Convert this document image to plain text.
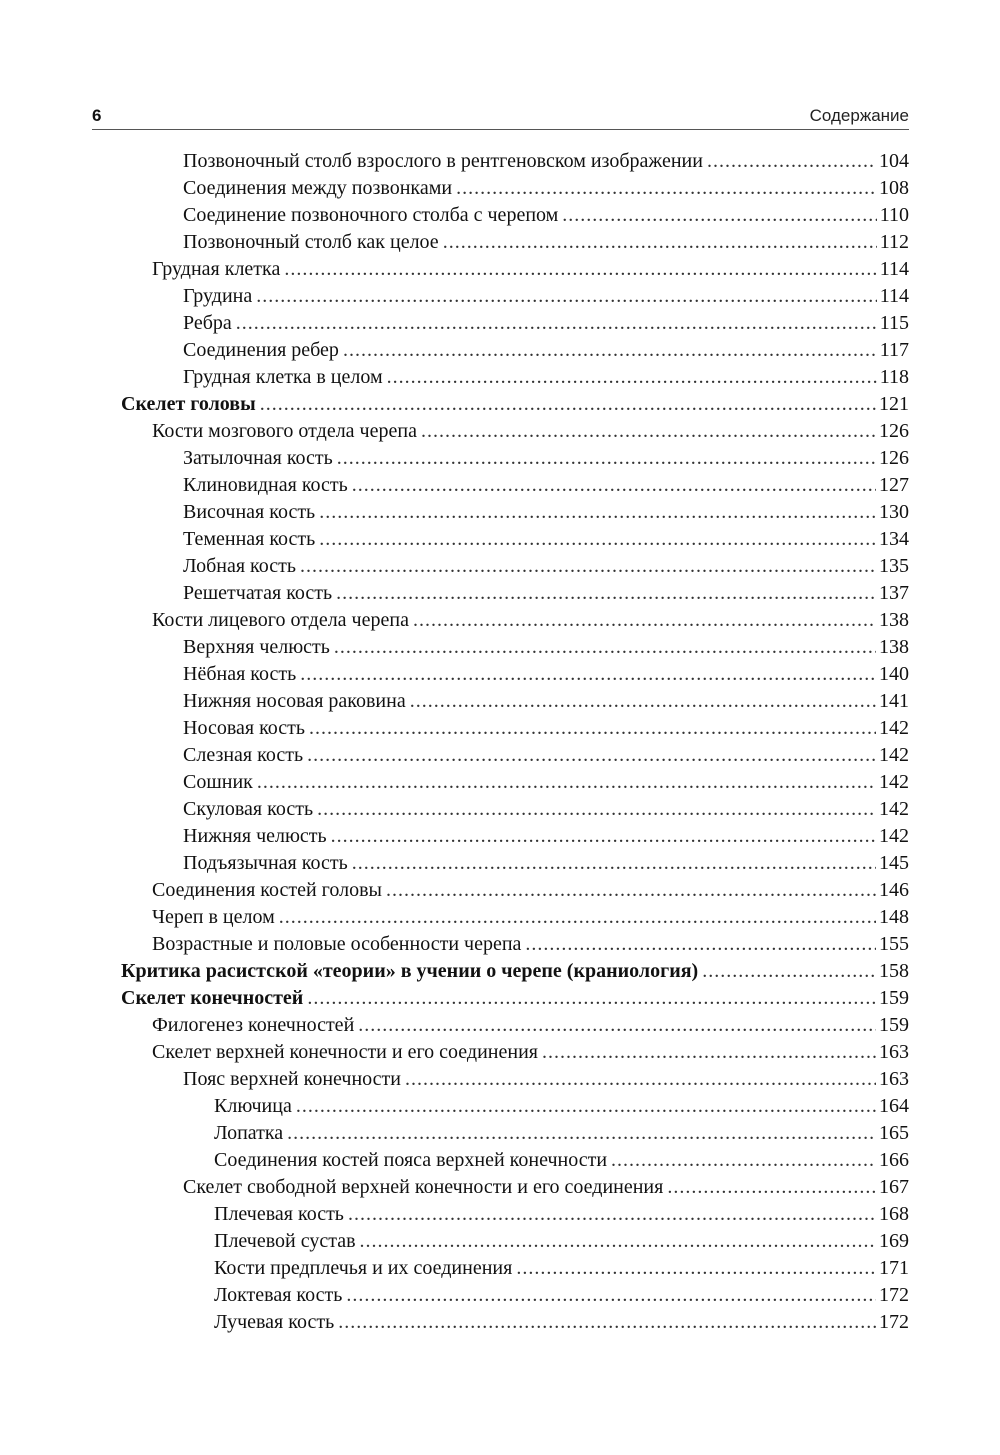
6	Содержание
Позвоночный столб взрослого в рентгеновском изображении .....	104
Соединения между позвонками .....	108
Соединение позвоночного столба с черепом .....	110
Позвоночный столб как целое .....	112
Грудная клетка .....	114
Грудина .....	114
Ребра .....	115
Соединения ребер .....	117
Грудная клетка в целом .....	118
Скелет головы .....	121
Кости мозгового отдела черепа .....	126
Затылочная кость .....	126
Клиновидная кость .....	127
Височная кость .....	130
Теменная кость .....	134
Лобная кость .....	135
Решетчатая кость .....	137
Кости лицевого отдела черепа .....	138
Верхняя челюсть .....	138
Нёбная кость .....	140
Нижняя носовая раковина .....	141
Носовая кость .....	142
Слезная кость .....	142
Сошник .....	142
Скуловая кость .....	142
Нижняя челюсть .....	142
Подъязычная кость .....	145
Соединения костей головы .....	146
Череп в целом .....	148
Возрастные и половые особенности черепа .....	155
Критика расистской «теории» в учении о черепе (краниология) .....	158
Скелет конечностей .....	159
Филогенез конечностей .....	159
Скелет верхней конечности и его соединения .....	163
Пояс верхней конечности .....	163
Ключица .....	164
Лопатка .....	165
Соединения костей пояса верхней конечности .....	166
Скелет свободной верхней конечности и его соединения .....	167
Плечевая кость .....	168
Плечевой сустав .....	169
Кости предплечья и их соединения .....	171
Локтевая кость .....	172
Лучевая кость .....	172
